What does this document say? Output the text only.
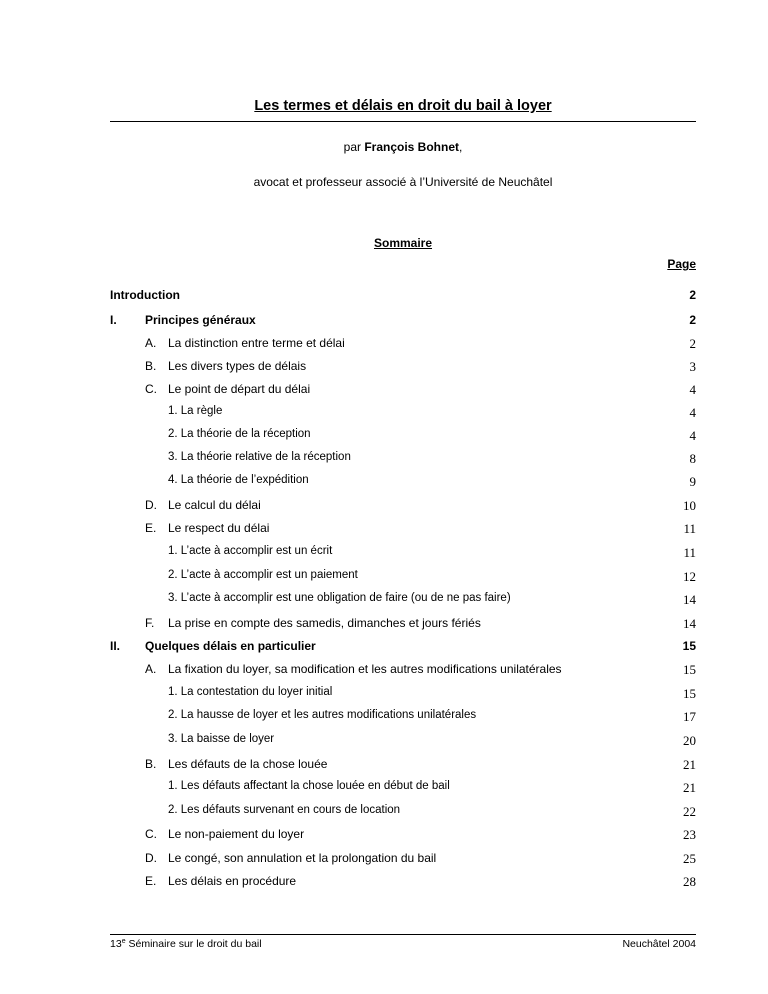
Les termes et délais en droit du bail à loyer
par François Bohnet,
avocat et professeur associé à l’Université de Neuchâtel
Sommaire
Page
Introduction	2
I. Principes généraux	2
A. La distinction entre terme et délai	2
B. Les divers types de délais	3
C. Le point de départ du délai	4
1. La règle	4
2. La théorie de la réception	4
3. La théorie relative de la réception	8
4. La théorie de l’expédition	9
D. Le calcul du délai	10
E. Le respect du délai	11
1. L’acte à accomplir est un écrit	11
2. L’acte à accomplir est un paiement	12
3. L’acte à accomplir est une obligation de faire (ou de ne pas faire)	14
F. La prise en compte des samedis, dimanches et jours fériés	14
II. Quelques délais en particulier	15
A. La fixation du loyer, sa modification et les autres modifications unilatérales	15
1. La contestation du loyer initial	15
2. La hausse de loyer et les autres modifications unilatérales	17
3. La baisse de loyer	20
B. Les défauts de la chose louée	21
1. Les défauts affectant la chose louée en début de bail	21
2. Les défauts survenant en cours de location	22
C. Le non-paiement du loyer	23
D. Le congé, son annulation et la prolongation du bail	25
E. Les délais en procédure	28
13e Séminaire sur le droit du bail	Neuchâtel 2004
